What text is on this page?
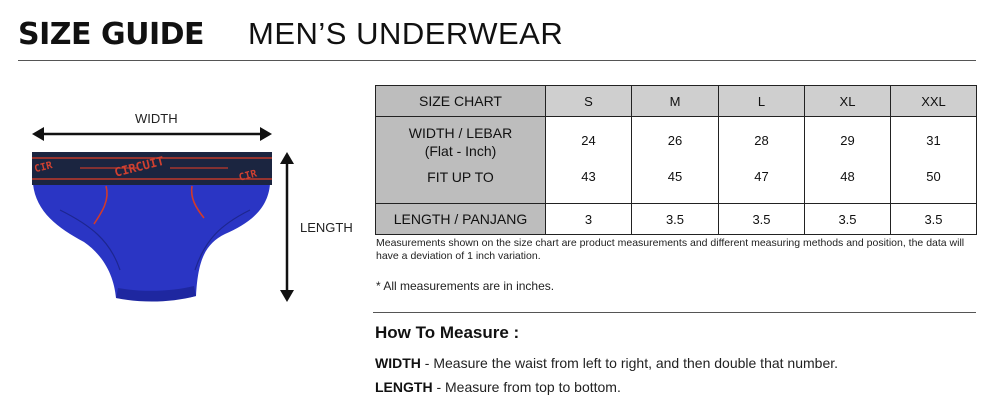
SIZE GUIDE MEN’S UNDERWEAR
WIDTH
LENGTH
CIRCUIT
CIR
CIR
SIZE CHART	S	M	L	XL	XXL

WIDTH / LEBAR
(Flat - Inch)	24	26	28	29	31
FIT UP TO	43	45	47	48	50
LENGTH / PANJANG	3	3.5	3.5	3.5	3.5
Measurements shown on the size chart are product measurements and different measuring methods and position, the data will have a deviation of 1 inch variation.
* All measurements are in inches.
How To Measure :
WIDTH - Measure the waist from left to right, and then double that number.
LENGTH - Measure from top to bottom.
